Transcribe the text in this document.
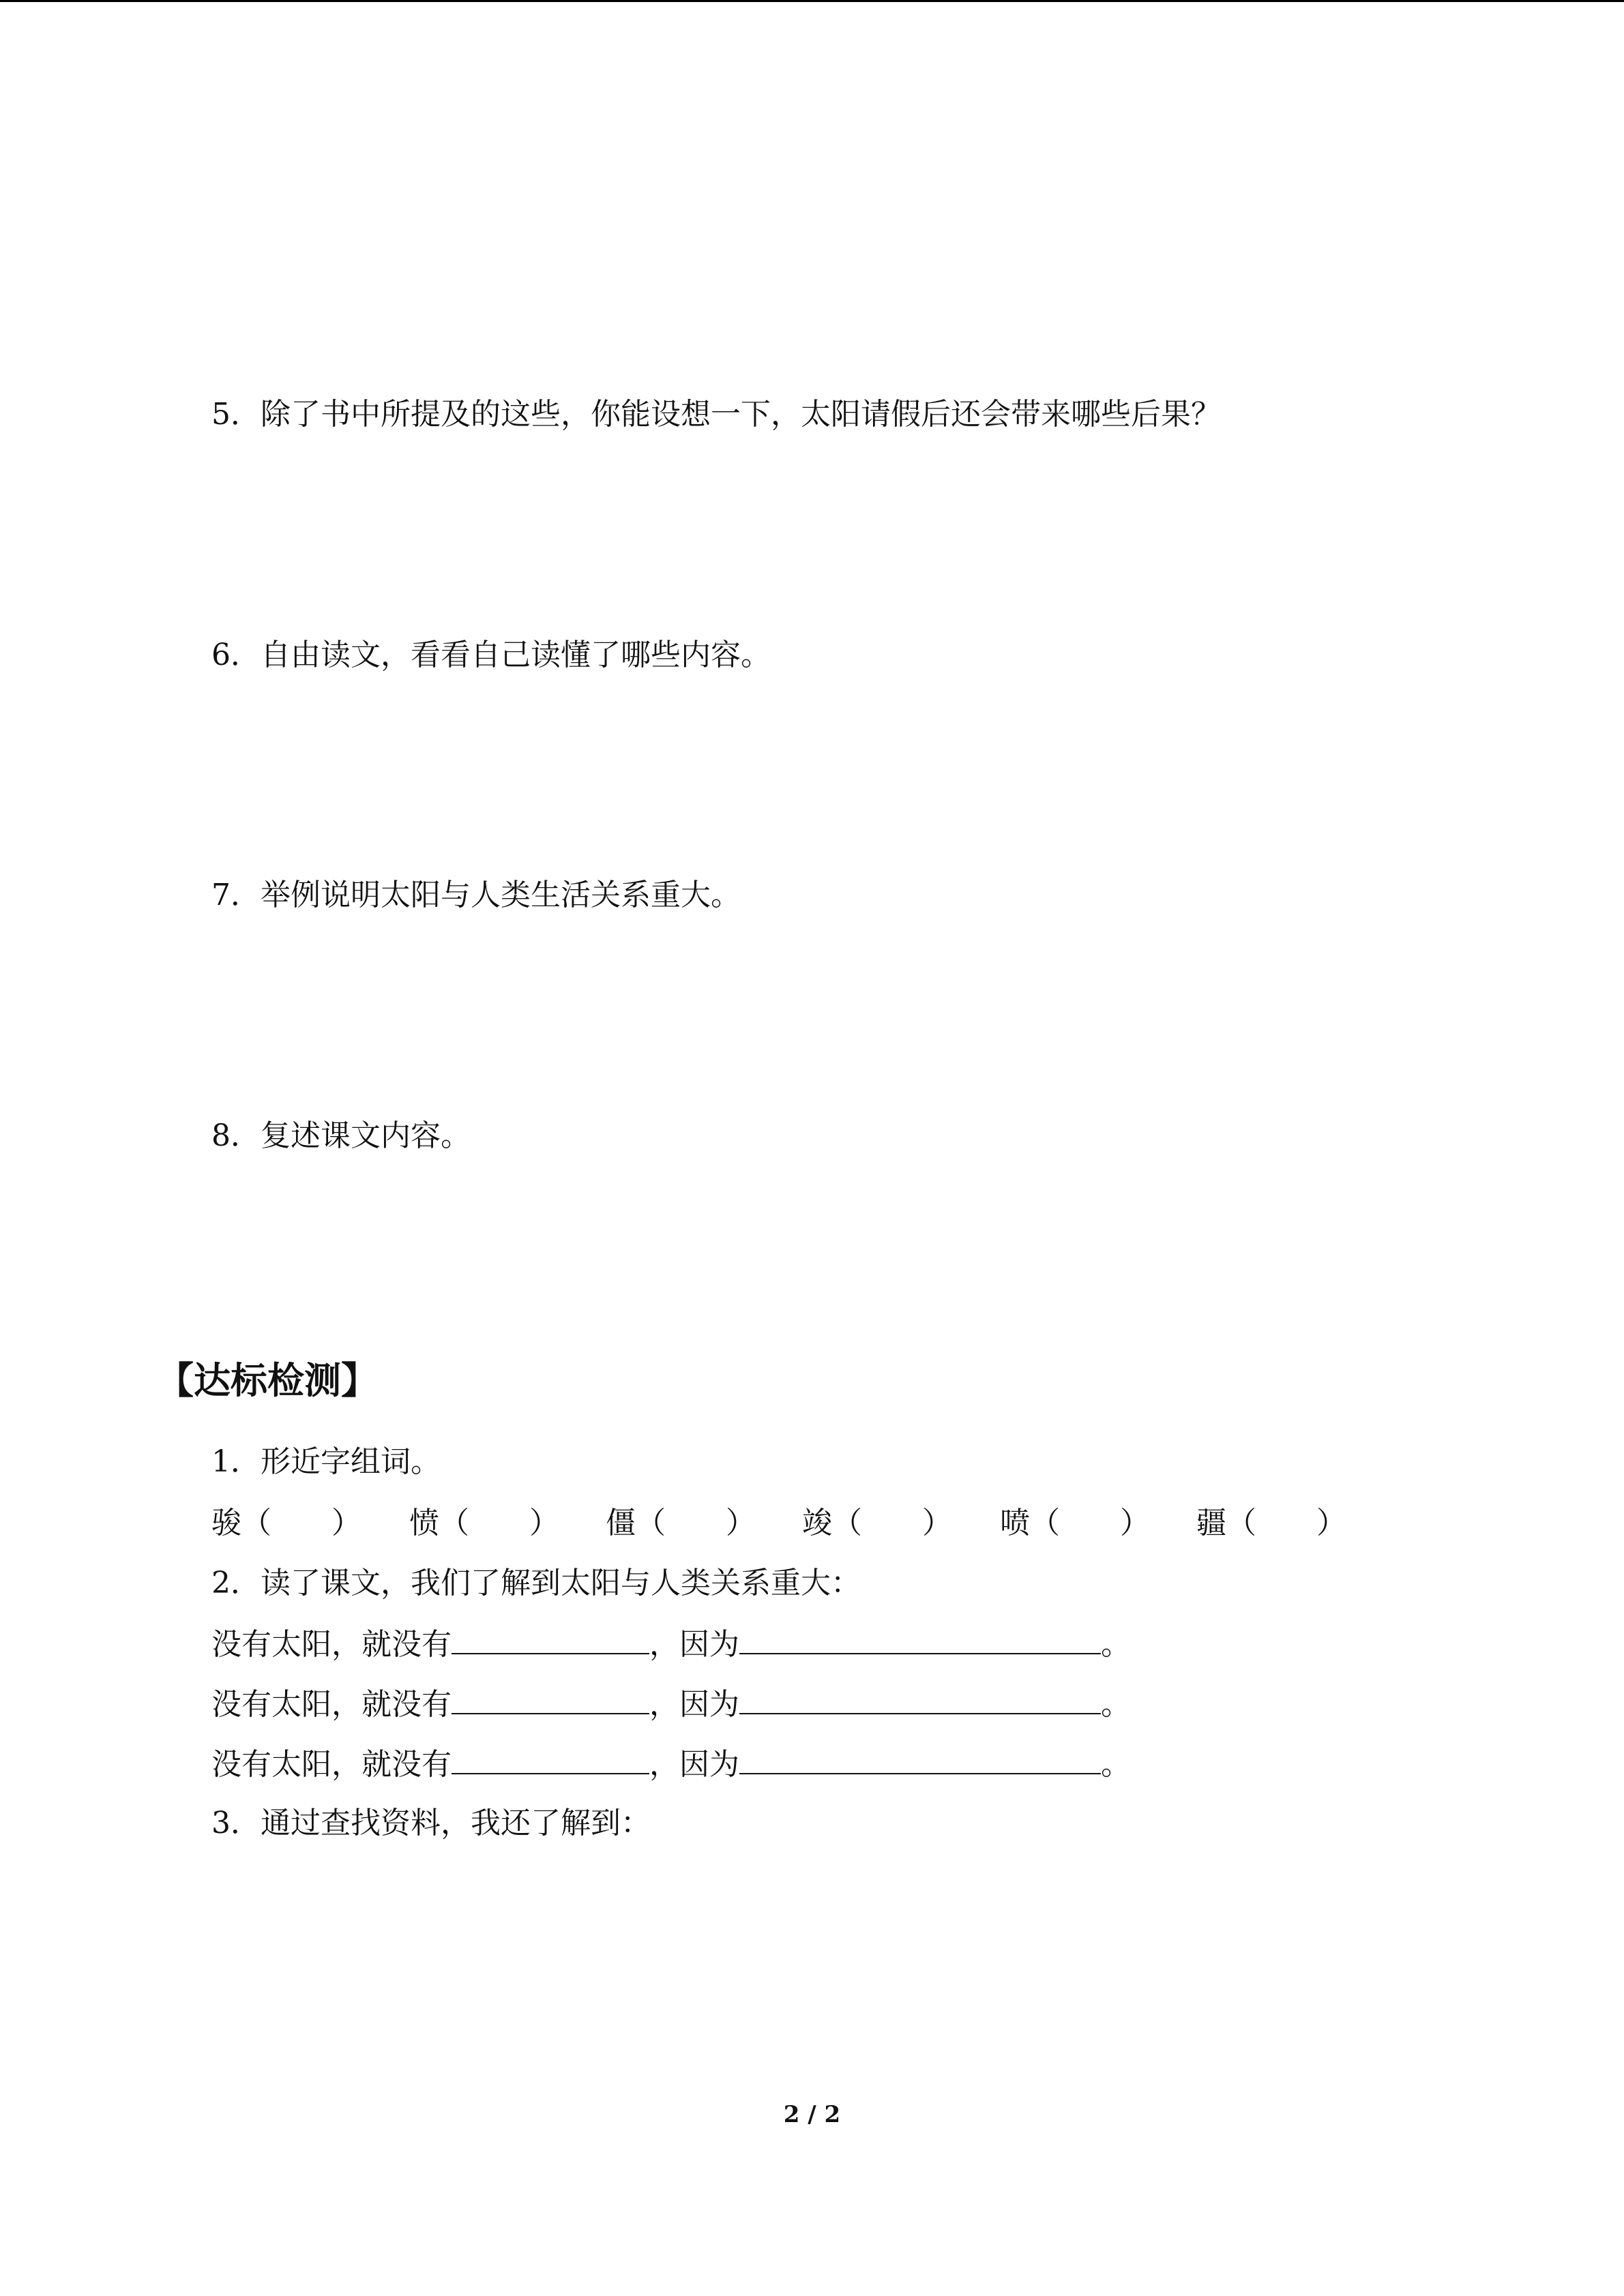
5．除了书中所提及的这些，你能设想一下，太阳请假后还会带来哪些后果？
6．自由读文，看看自己读懂了哪些内容。
7．举例说明太阳与人类生活关系重大。
8．复述课文内容。
【达标检测】
1．形近字组词。
骏（　　） 愤（　　） 僵（　　） 竣（　　） 喷（　　） 疆（　　）
2．读了课文，我们了解到太阳与人类关系重大：
没有太阳，就没有	，因为	。
没有太阳，就没有	，因为	。
没有太阳，就没有	，因为	。
3．通过查找资料，我还了解到：
2 / 2
